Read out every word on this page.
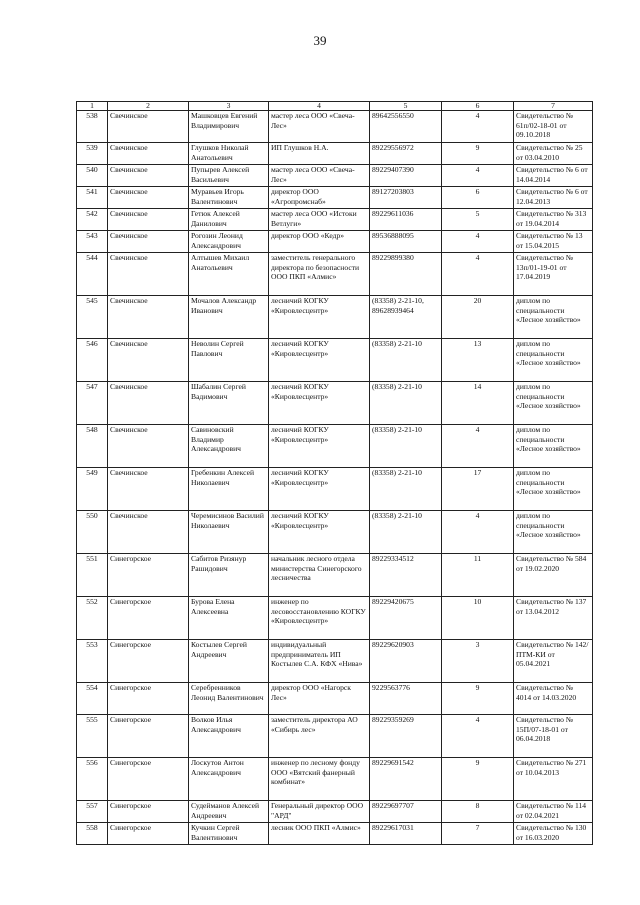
39
1	2	3	4	5	6	7
538	Свечинское	Машковцев Евгений Владимирович	мастер леса ООО «Свеча-Лес»	89642556550	4	Свидетельство № 61п/02-18-01 от 09.10.2018
539	Свечинское	Глушков Николай Анатольевич	ИП Глушков Н.А.	89229556972	9	Свидетельство № 25 от 03.04.2010
540	Свечинское	Пупырев Алексей Васильевич	мастер леса ООО «Свеча-Лес»	89229407390	4	Свидетельство № 6 от 14.04.2014
541	Свечинское	Муравьев Игорь Валентинович	директор ООО «Агропромснаб»	89127203803	6	Свидетельство № 6 от 12.04.2013
542	Свечинское	Гетюк Алексей Данилович	мастер леса ООО «Истоки Ветлуги»	89229611036	5	Свидетельство № 313 от 19.04.2014
543	Свечинское	Рогозин Леонид Александрович	директор ООО «Кедр»	89536888095	4	Свидетельство № 13 от 15.04.2015
544	Свечинское	Алтышев Михаил Анатольевич	заместитель генерального директора по безопасности ООО ПКП «Алмис»	89229899380	4	Свидетельство № 13п/01-19-01 от 17.04.2019
545	Свечинское	Мочалов Александр Иванович	лесничий КОГКУ «Кировлесцентр»	(83358) 2-21-10, 89628939464	20	диплом по специальности «Лесное хозяйство»
546	Свечинское	Неволин Сергей Павлович	лесничий КОГКУ «Кировлесцентр»	(83358) 2-21-10	13	диплом по специальности «Лесное хозяйство»
547	Свечинское	Шабалин Сергей Вадимович	лесничий КОГКУ «Кировлесцентр»	(83358) 2-21-10	14	диплом по специальности «Лесное хозяйство»
548	Свечинское	Савиновский Владимир Александрович	лесничий КОГКУ «Кировлесцентр»	(83358) 2-21-10	4	диплом по специальности «Лесное хозяйство»
549	Свечинское	Гребенкин Алексей Николаевич	лесничий КОГКУ «Кировлесцентр»	(83358) 2-21-10	17	диплом по специальности «Лесное хозяйство»
550	Свечинское	Черемисинов Василий Николаевич	лесничий КОГКУ «Кировлесцентр»	(83358) 2-21-10	4	диплом по специальности «Лесное хозяйство»
551	Синегорское	Сабитов Ризянур Рашидович	начальник лесного отдела министерства Синегорского лесничества	89229334512	11	Свидетельство № 584 от 19.02.2020
552	Синегорское	Бурова Елена Алексеевна	инженер по лесовосстановлению КОГКУ «Кировлесцентр»	89229420675	10	Свидетельство № 137 от 13.04.2012
553	Синегорское	Костылев Сергей Андреевич	индивидуальный предприниматель ИП Костылев С.А. КФХ «Нива»	89229620903	3	Свидетельство № 142/ПТМ-КИ от 05.04.2021
554	Синегорское	Серебренников Леонид Валентинович	директор ООО «Нагорск Лес»	9229563776	9	Свидетельство № 4014 от 14.03.2020
555	Синегорское	Волков Илья Александрович	заместитель директора АО «Сибирь лес»	89229359269	4	Свидетельство № 15П/07-18-01 от 06.04.2018
556	Синегорское	Лоскутов Антон Александрович	инженер по лесному фонду ООО «Вятский фанерный комбинат»	89229691542	9	Свидетельство № 271 от 10.04.2013
557	Синегорское	Судейманов Алексей Андреевич	Генеральный директор ООО "АРД"	89229697707	8	Свидетельство № 114 от 02.04.2021
558	Синегорское	Кучкин Сергей Валентинович	лесник ООО ПКП «Алмис»	89229617031	7	Свидетельство № 130 от 16.03.2020
